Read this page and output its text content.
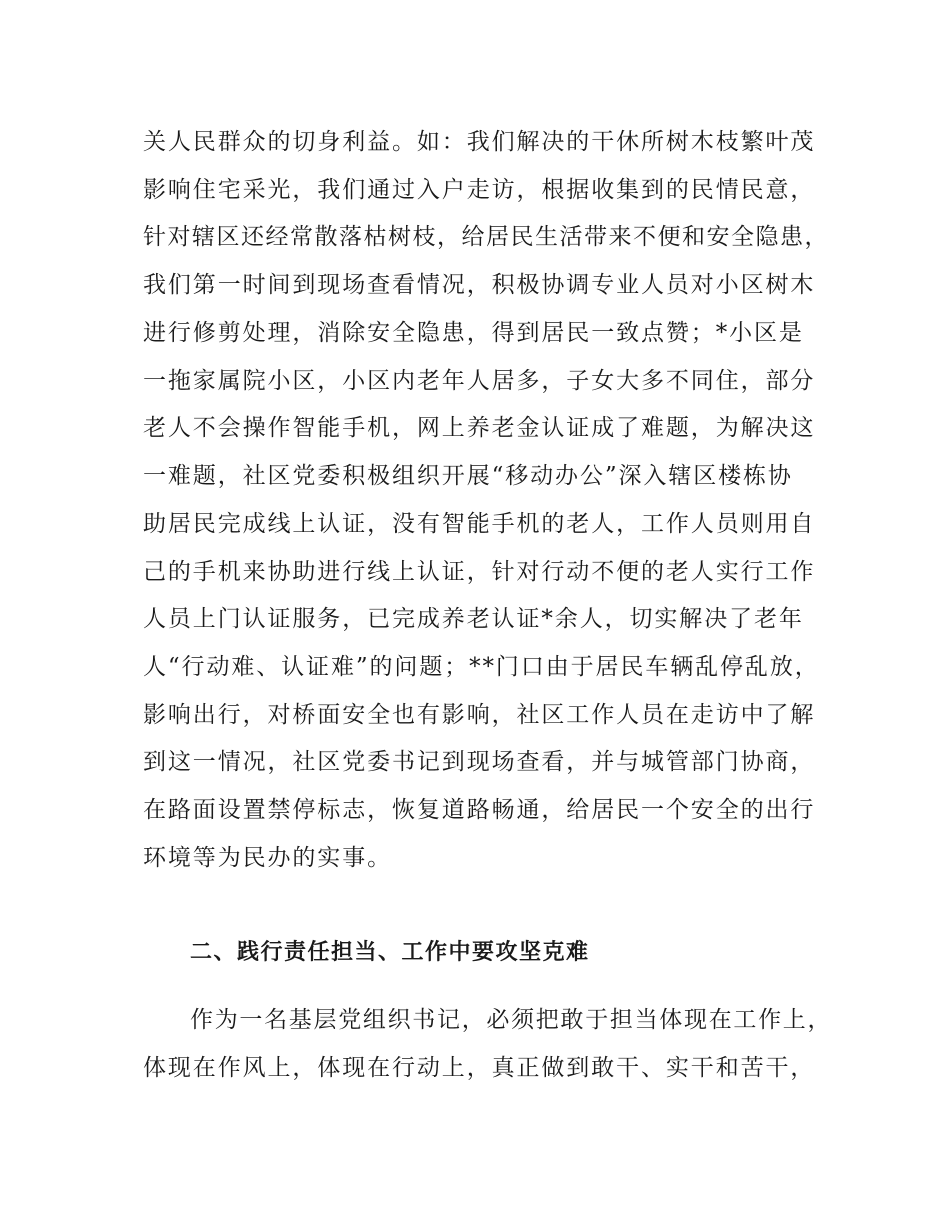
关人民群众的切身利益。如：我们解决的干休所树木枝繁叶茂
影响住宅采光，我们通过入户走访，根据收集到的民情民意，
针对辖区还经常散落枯树枝，给居民生活带来不便和安全隐患，
我们第一时间到现场查看情况，积极协调专业人员对小区树木
进行修剪处理，消除安全隐患，得到居民一致点赞；*小区是
一拖家属院小区，小区内老年人居多，子女大多不同住，部分
老人不会操作智能手机，网上养老金认证成了难题，为解决这
一难题，社区党委积极组织开展“移动办公”深入辖区楼栋协
助居民完成线上认证，没有智能手机的老人，工作人员则用自
己的手机来协助进行线上认证，针对行动不便的老人实行工作
人员上门认证服务，已完成养老认证*余人，切实解决了老年
人“行动难、认证难”的问题；**门口由于居民车辆乱停乱放，
影响出行，对桥面安全也有影响，社区工作人员在走访中了解
到这一情况，社区党委书记到现场查看，并与城管部门协商，
在路面设置禁停标志，恢复道路畅通，给居民一个安全的出行
环境等为民办的实事。
二、践行责任担当、工作中要攻坚克难
作为一名基层党组织书记，必须把敢于担当体现在工作上，
体现在作风上，体现在行动上，真正做到敢干、实干和苦干，
